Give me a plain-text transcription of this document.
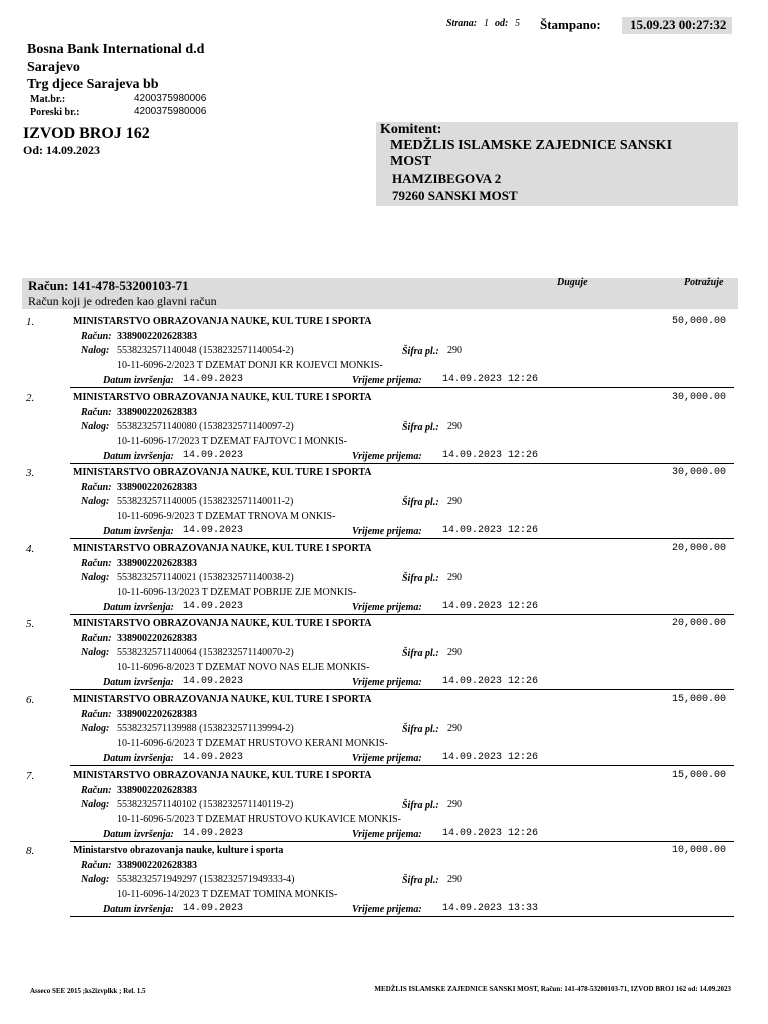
Strana: 1 od: 5 Štampano: 15.09.23 00:27:32
Bosna Bank International d.d
Sarajevo
Trg djece Sarajeva bb
Mat.br.:	4200375980006
Poreski br.:	4200375980006
IZVOD BROJ 162
Od: 14.09.2023
Komitent:
MEDŽLIS ISLAMSKE ZAJEDNICE SANSKI
MOST
HAMZIBEGOVA 2
79260 SANSKI MOST
Račun: 141-478-53200103-71
Račun koji je određen kao glavni račun
Duguje	Potražuje
1.	MINISTARSTVO OBRAZOVANJA NAUKE, KUL TURE I SPORTA	50,000.00
Račun: 3389002202628383
Nalog: 5538232571140048 (1538232571140054-2)	Šifra pl.: 290
10-11-6096-2/2023 T DZEMAT DONJI KR KOJEVCI MONKIS-
Datum izvršenja: 14.09.2023	Vrijeme prijema: 14.09.2023 12:26
2.	MINISTARSTVO OBRAZOVANJA NAUKE, KUL TURE I SPORTA	30,000.00
Račun: 3389002202628383
Nalog: 5538232571140080 (1538232571140097-2)	Šifra pl.: 290
10-11-6096-17/2023 T DZEMAT FAJTOVC I MONKIS-
Datum izvršenja: 14.09.2023	Vrijeme prijema: 14.09.2023 12:26
3.	MINISTARSTVO OBRAZOVANJA NAUKE, KUL TURE I SPORTA	30,000.00
Račun: 3389002202628383
Nalog: 5538232571140005 (1538232571140011-2)	Šifra pl.: 290
10-11-6096-9/2023 T DZEMAT TRNOVA M ONKIS-
Datum izvršenja: 14.09.2023	Vrijeme prijema: 14.09.2023 12:26
4.	MINISTARSTVO OBRAZOVANJA NAUKE, KUL TURE I SPORTA	20,000.00
Račun: 3389002202628383
Nalog: 5538232571140021 (1538232571140038-2)	Šifra pl.: 290
10-11-6096-13/2023 T DZEMAT POBRIJE ZJE MONKIS-
Datum izvršenja: 14.09.2023	Vrijeme prijema: 14.09.2023 12:26
5.	MINISTARSTVO OBRAZOVANJA NAUKE, KUL TURE I SPORTA	20,000.00
Račun: 3389002202628383
Nalog: 5538232571140064 (1538232571140070-2)	Šifra pl.: 290
10-11-6096-8/2023 T DZEMAT NOVO NAS ELJE MONKIS-
Datum izvršenja: 14.09.2023	Vrijeme prijema: 14.09.2023 12:26
6.	MINISTARSTVO OBRAZOVANJA NAUKE, KUL TURE I SPORTA	15,000.00
Račun: 3389002202628383
Nalog: 5538232571139988 (1538232571139994-2)	Šifra pl.: 290
10-11-6096-6/2023 T DZEMAT HRUSTOVO KERANI MONKIS-
Datum izvršenja: 14.09.2023	Vrijeme prijema: 14.09.2023 12:26
7.	MINISTARSTVO OBRAZOVANJA NAUKE, KUL TURE I SPORTA	15,000.00
Račun: 3389002202628383
Nalog: 5538232571140102 (1538232571140119-2)	Šifra pl.: 290
10-11-6096-5/2023 T DZEMAT HRUSTOVO KUKAVICE MONKIS-
Datum izvršenja: 14.09.2023	Vrijeme prijema: 14.09.2023 12:26
8.	Ministarstvo obrazovanja nauke, kulture i sporta	10,000.00
Račun: 3389002202628383
Nalog: 5538232571949297 (1538232571949333-4)	Šifra pl.: 290
10-11-6096-14/2023 T DZEMAT TOMINA MONKIS-
Datum izvršenja: 14.09.2023	Vrijeme prijema: 14.09.2023 13:33
Asseco SEE 2015 ;ks2izvplkk ; Rel. 1.5	MEDŽLIS ISLAMSKE ZAJEDNICE SANSKI MOST, Račun: 141-478-53200103-71, IZVOD BROJ 162 od: 14.09.2023
